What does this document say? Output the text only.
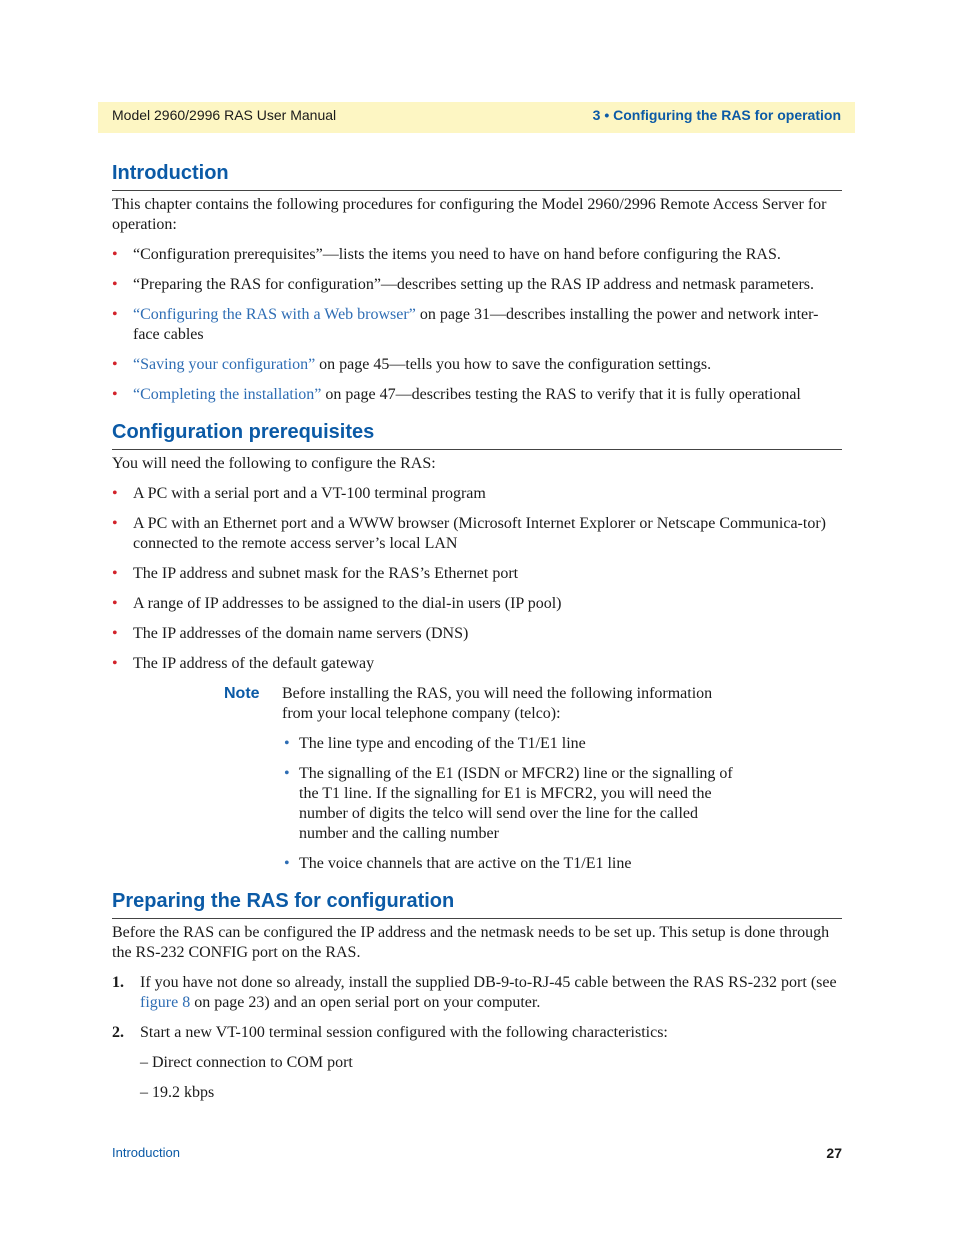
Model 2960/2996 RAS User Manual	3 • Configuring the RAS for operation
Introduction

This chapter contains the following procedures for configuring the Model 2960/2996 Remote Access Server for operation:

• “Configuration prerequisites”—lists the items you need to have on hand before configuring the RAS.
• “Preparing the RAS for configuration”—describes setting up the RAS IP address and netmask parameters.
• “Configuring the RAS with a Web browser” on page 31—describes installing the power and network inter-face cables
• “Saving your configuration” on page 45—tells you how to save the configuration settings.
• “Completing the installation” on page 47—describes testing the RAS to verify that it is fully operational
Configuration prerequisites

You will need the following to configure the RAS:

• A PC with a serial port and a VT-100 terminal program
• A PC with an Ethernet port and a WWW browser (Microsoft Internet Explorer or Netscape Communica-tor) connected to the remote access server’s local LAN
• The IP address and subnet mask for the RAS’s Ethernet port
• A range of IP addresses to be assigned to the dial-in users (IP pool)
• The IP addresses of the domain name servers (DNS)
• The IP address of the default gateway
Note Before installing the RAS, you will need the following information from your local telephone company (telco):

• The line type and encoding of the T1/E1 line
• The signalling of the E1 (ISDN or MFCR2) line or the signalling of the T1 line. If the signalling for E1 is MFCR2, you will need the number of digits the telco will send over the line for the called number and the calling number
• The voice channels that are active on the T1/E1 line
Preparing the RAS for configuration

Before the RAS can be configured the IP address and the netmask needs to be set up. This setup is done through the RS-232 CONFIG port on the RAS.

1. If you have not done so already, install the supplied DB-9-to-RJ-45 cable between the RAS RS-232 port (see figure 8 on page 23) and an open serial port on your computer.
2. Start a new VT-100 terminal session configured with the following characteristics:
– Direct connection to COM port
– 19.2 kbps
Introduction	27
